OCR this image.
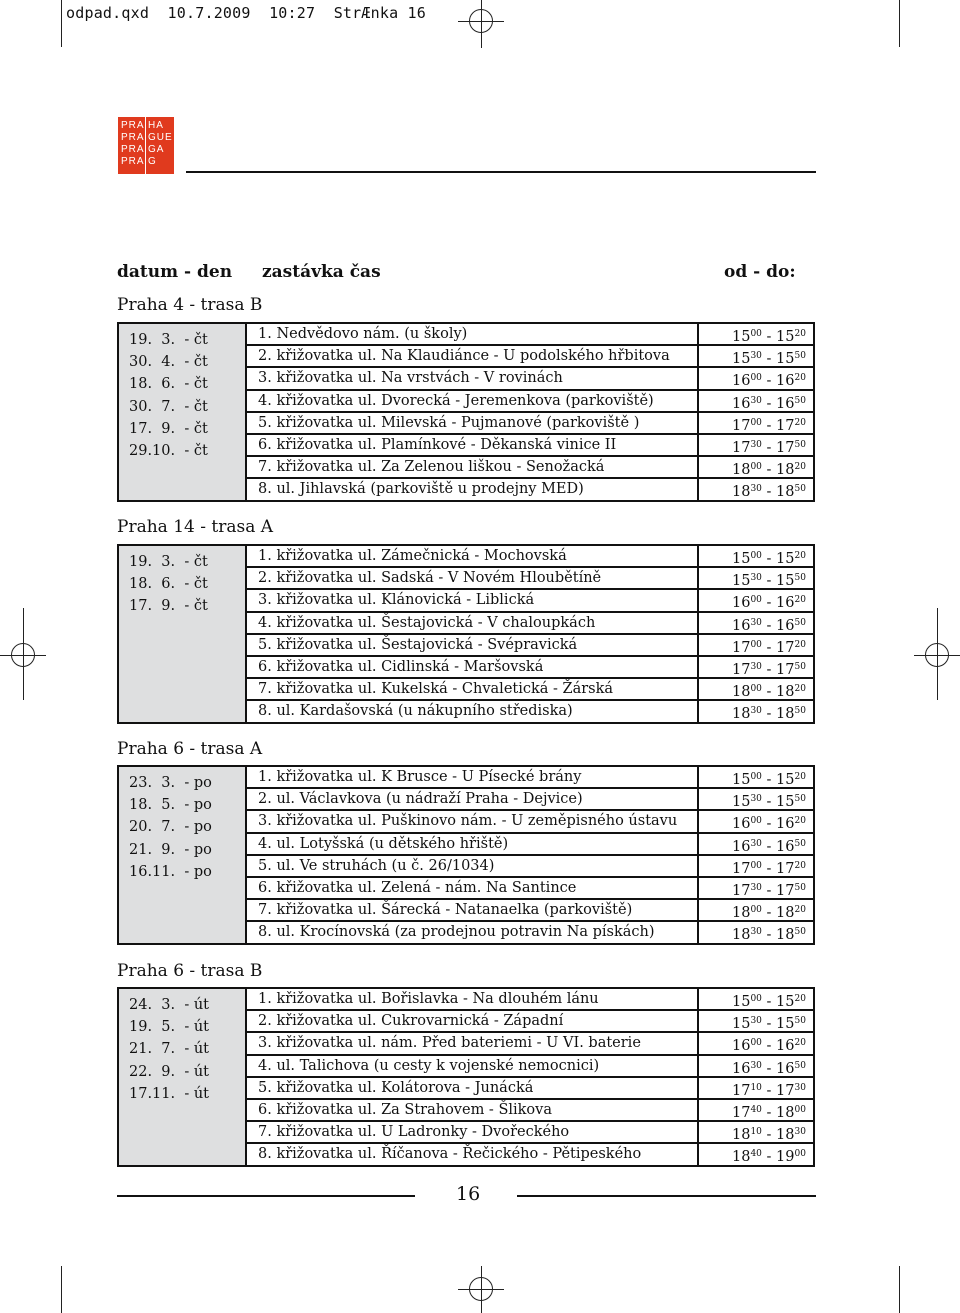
odpad.qxd  10.7.2009  10:27  StrÆnka 16
PRA
PRA
PRA
PRA
HA
GUE
GA
G
datum - den zastávka čas	od - do:
Praha 4 - trasa B
Praha 14 - trasa A
Praha 6 - trasa A
Praha 6 - trasa B
19.  3.  - čt
30.  4.  - čt
18.  6.  - čt
30.  7.  - čt
17.  9.  - čt
29.10.  - čt
1. Nedvědovo nám. (u školy)
2. křižovatka ul. Na Klaudiánce - U podolského hřbitova
3. křižovatka ul. Na vrstvách - V rovinách
4. křižovatka ul. Dvorecká - Jeremenkova (parkoviště)
5. křižovatka ul. Milevská - Pujmanové (parkoviště )
6. křižovatka ul. Plamínkové - Děkanská vinice II
7. křižovatka ul. Za Zelenou liškou - Senožacká
8. ul. Jihlavská (parkoviště u prodejny MED)
$15^{00} - 15^{20}$
$15^{30} - 15^{50}$
$16^{00} - 16^{20}$
$16^{30} - 16^{50}$
$17^{00} - 17^{20}$
$17^{30} - 17^{50}$
$18^{00} - 18^{20}$
$18^{30} - 18^{50}$
19.  3.  - čt
18.  6.  - čt
17.  9.  - čt
1. křižovatka ul. Zámečnická - Mochovská
2. křižovatka ul. Sadská - V Novém Hloubětíně
3. křižovatka ul. Klánovická - Liblická
4. křižovatka ul. Šestajovická - V chaloupkách
5. křižovatka ul. Šestajovická - Svépravická
6. křižovatka ul. Cidlinská - Maršovská
7. křižovatka ul. Kukelská - Chvaletická - Žárská
8. ul. Kardašovská (u nákupního střediska)
$15^{00} - 15^{20}$
$15^{30} - 15^{50}$
$16^{00} - 16^{20}$
$16^{30} - 16^{50}$
$17^{00} - 17^{20}$
$17^{30} - 17^{50}$
$18^{00} - 18^{20}$
$18^{30} - 18^{50}$
23.  3.  - po
18.  5.  - po
20.  7.  - po
21.  9.  - po
16.11.  - po
1. křižovatka ul. K Brusce - U Písecké brány
2. ul. Václavkova (u nádraží Praha - Dejvice)
3. křižovatka ul. Puškinovo nám. - U zeměpisného ústavu
4. ul. Lotyšská (u dětského hřiště)
5. ul. Ve struhách (u č. 26/1034)
6. křižovatka ul. Zelená - nám. Na Santince
7. křižovatka ul. Šárecká - Natanaelka (parkoviště)
8. ul. Krocínovská (za prodejnou potravin Na pískách)
$15^{00} - 15^{20}$
$15^{30} - 15^{50}$
$16^{00} - 16^{20}$
$16^{30} - 16^{50}$
$17^{00} - 17^{20}$
$17^{30} - 17^{50}$
$18^{00} - 18^{20}$
$18^{30} - 18^{50}$
24.  3.  - út
19.  5.  - út
21.  7.  - út
22.  9.  - út
17.11.  - út
1. křižovatka ul. Bořislavka - Na dlouhém lánu
2. křižovatka ul. Cukrovarnická - Západní
3. křižovatka ul. nám. Před bateriemi - U VI. baterie
4. ul. Talichova (u cesty k vojenské nemocnici)
5. křižovatka ul. Kolátorova - Junácká
6. křižovatka ul. Za Strahovem - Šlikova
7. křižovatka ul. U Ladronky - Dvořeckého
8. křižovatka ul. Říčanova - Řečického - Pětipeského
$15^{00} - 15^{20}$
$15^{30} - 15^{50}$
$16^{00} - 16^{20}$
$16^{30} - 16^{50}$
$17^{10} - 17^{30}$
$17^{40} - 18^{00}$
$18^{10} - 18^{30}$
$18^{40} - 19^{00}$
16
